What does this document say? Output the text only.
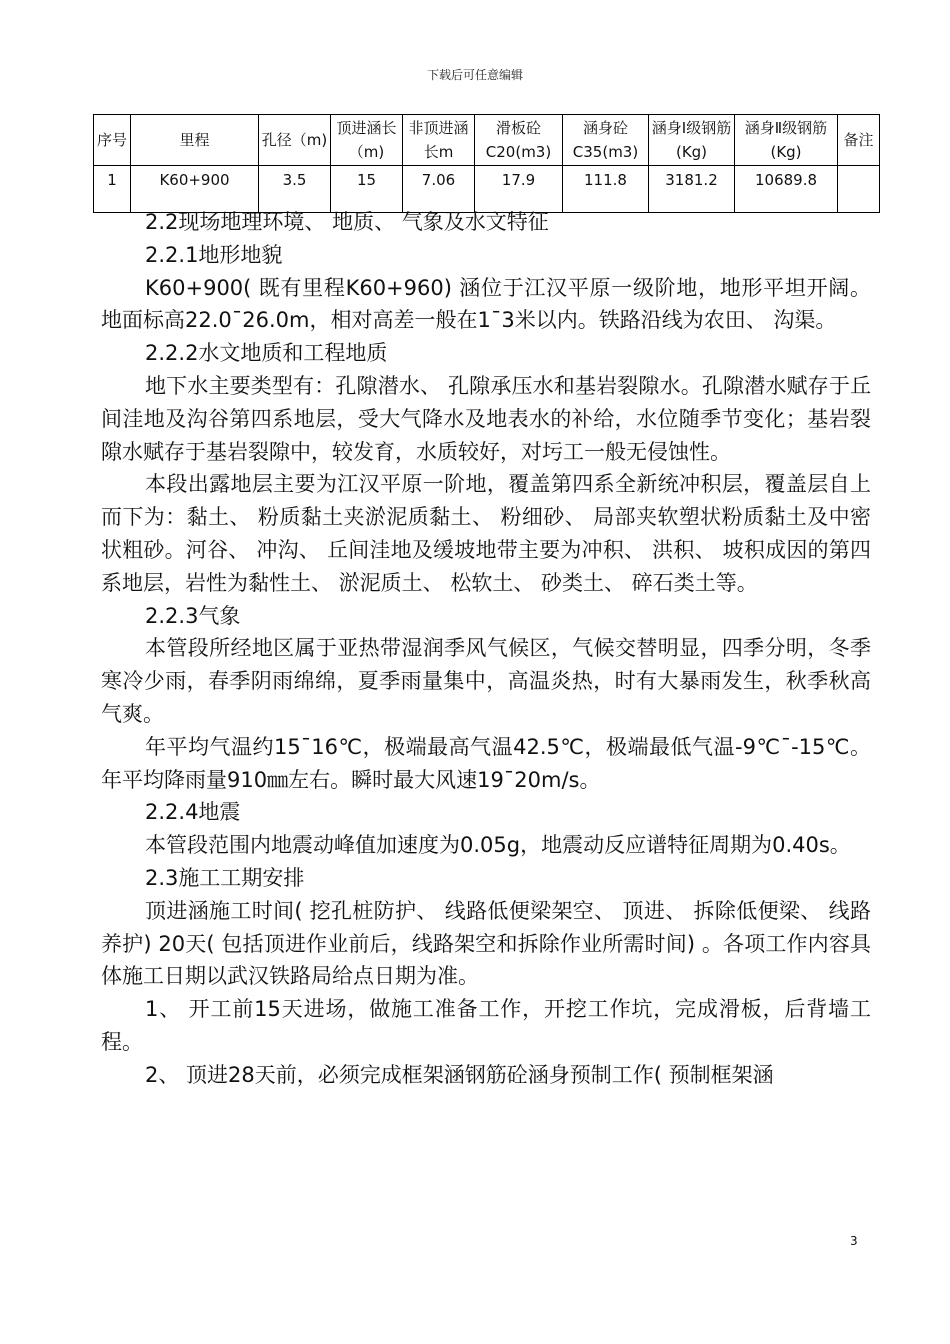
下载后可任意编辑
序号	里程	孔径（m)	顶进涵长（m)	非顶进涵长m	滑板砼C20(m3)	涵身砼C35(m3)	涵身Ⅰ级钢筋(Kg)	涵身Ⅱ级钢筋(Kg)	备注
1	K60+900	3.5	15	7.06	17.9	111.8	3181.2	10689.8	

2.2现场地理环境、 地质、 气象及水文特征

2.2.1地形地貌

K60+900( 既有里程K60+960) 涵位于江汉平原一级阶地，地形平坦开阔。地面标高22.0¯26.0m，相对高差一般在1¯3米以内。铁路沿线为农田、 沟渠。

2.2.2水文地质和工程地质

地下水主要类型有：孔隙潜水、 孔隙承压水和基岩裂隙水。孔隙潜水赋存于丘间洼地及沟谷第四系地层，受大气降水及地表水的补给，水位随季节变化；基岩裂隙水赋存于基岩裂隙中，较发育，水质较好，对圬工一般无侵蚀性。

本段出露地层主要为江汉平原一阶地，覆盖第四系全新统冲积层，覆盖层自上而下为：黏土、 粉质黏土夹淤泥质黏土、 粉细砂、 局部夹软塑状粉质黏土及中密状粗砂。河谷、 冲沟、 丘间洼地及缓坡地带主要为冲积、 洪积、 坡积成因的第四系地层，岩性为黏性土、 淤泥质土、 松软土、 砂类土、 碎石类土等。

2.2.3气象

本管段所经地区属于亚热带湿润季风气候区，气候交替明显，四季分明，冬季寒冷少雨，春季阴雨绵绵，夏季雨量集中，高温炎热，时有大暴雨发生，秋季秋高气爽。

年平均气温约15¯16℃，极端最高气温42.5℃，极端最低气温-9℃¯-15℃。年平均降雨量910㎜左右。瞬时最大风速19¯20m/s。

2.2.4地震

本管段范围内地震动峰值加速度为0.05g，地震动反应谱特征周期为0.40s。

2.3施工工期安排

顶进涵施工时间( 挖孔桩防护、 线路低便梁架空、 顶进、 拆除低便梁、 线路养护) 20天( 包括顶进作业前后，线路架空和拆除作业所需时间) 。各项工作内容具体施工日期以武汉铁路局给点日期为准。

1、 开工前15天进场，做施工准备工作，开挖工作坑，完成滑板，后背墙工程。

2、 顶进28天前，必须完成框架涵钢筋砼涵身预制工作( 预制框架涵

3
